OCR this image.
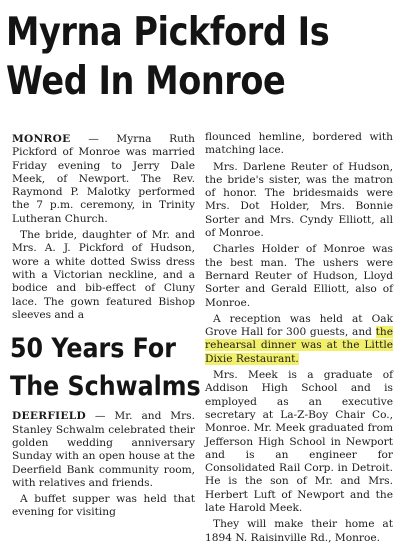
Myrna Pickford Is
Wed In Monroe

MONROE — Myrna Ruth Pickford of Monroe was married Friday evening to Jerry Dale Meek, of Newport. The Rev. Raymond P. Malotky performed the 7 p.m. ceremony, in Trinity Lutheran Church.

The bride, daughter of Mr. and Mrs. A. J. Pickford of Hudson, wore a white dotted Swiss dress with a Victorian neckline, and a bodice and bib-effect of Cluny lace. The gown featured Bishop sleeves and a

50 Years For
The Schwalms

DEERFIELD — Mr. and Mrs. Stanley Schwalm celebrated their golden wedding anniversary Sunday with an open house at the Deerfield Bank community room, with relatives and friends.

A buffet supper was held that evening for visiting

flounced hemline, bordered with matching lace.

Mrs. Darlene Reuter of Hudson, the bride's sister, was the matron of honor. The bridesmaids were Mrs. Dot Holder, Mrs. Bonnie Sorter and Mrs. Cyndy Elliott, all of Monroe.

Charles Holder of Monroe was the best man. The ushers were Bernard Reuter of Hudson, Lloyd Sorter and Gerald Elliott, also of Monroe.

A reception was held at Oak Grove Hall for 300 guests, and the rehearsal dinner was at the Little Dixie Restaurant.

Mrs. Meek is a graduate of Addison High School and is employed as an executive secretary at La-Z-Boy Chair Co., Monroe. Mr. Meek graduated from Jefferson High School in Newport and is an engineer for Consolidated Rail Corp. in Detroit. He is the son of Mr. and Mrs. Herbert Luft of Newport and the late Harold Meek.

They will make their home at 1894 N. Raisinville Rd., Monroe.
